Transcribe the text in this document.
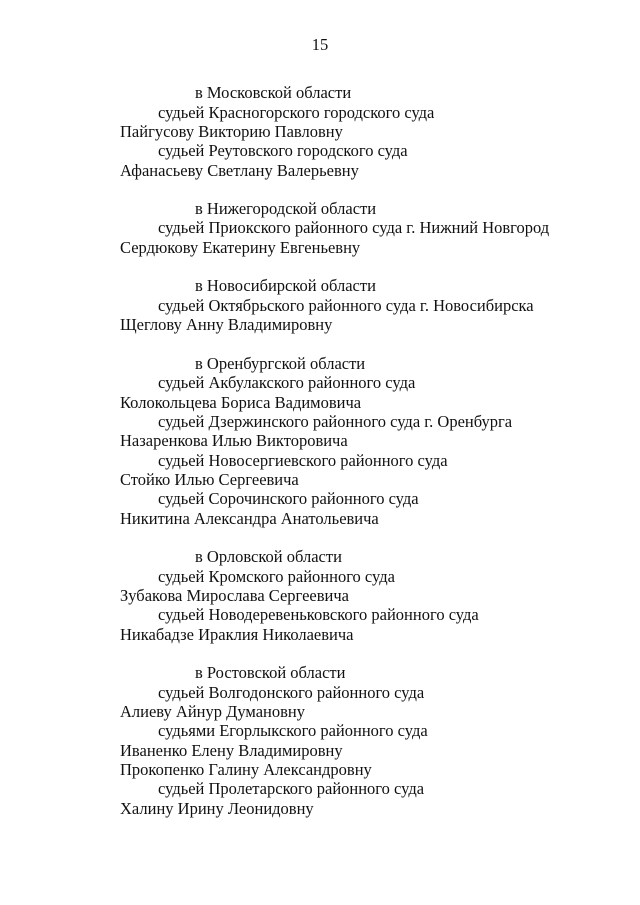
15
в Московской области
судьей Красногорского городского суда
Пайгусову Викторию Павловну
судьей Реутовского городского суда
Афанасьеву Светлану Валерьевну
в Нижегородской области
судьей Приокского районного суда г. Нижний Новгород
Сердюкову Екатерину Евгеньевну
в Новосибирской области
судьей Октябрьского районного суда г. Новосибирска
Щеглову Анну Владимировну
в Оренбургской области
судьей Акбулакского районного суда
Колокольцева Бориса Вадимовича
судьей Дзержинского районного суда г. Оренбурга
Назаренкова Илью Викторовича
судьей Новосергиевского районного суда
Стойко Илью Сергеевича
судьей Сорочинского районного суда
Никитина Александра Анатольевича
в Орловской области
судьей Кромского районного суда
Зубакова Мирослава Сергеевича
судьей Новодеревеньковского районного суда
Никабадзе Ираклия Николаевича
в Ростовской области
судьей Волгодонского районного суда
Алиеву Айнур Думановну
судьями Егорлыкского районного суда
Иваненко Елену Владимировну
Прокопенко Галину Александровну
судьей Пролетарского районного суда
Халину Ирину Леонидовну
